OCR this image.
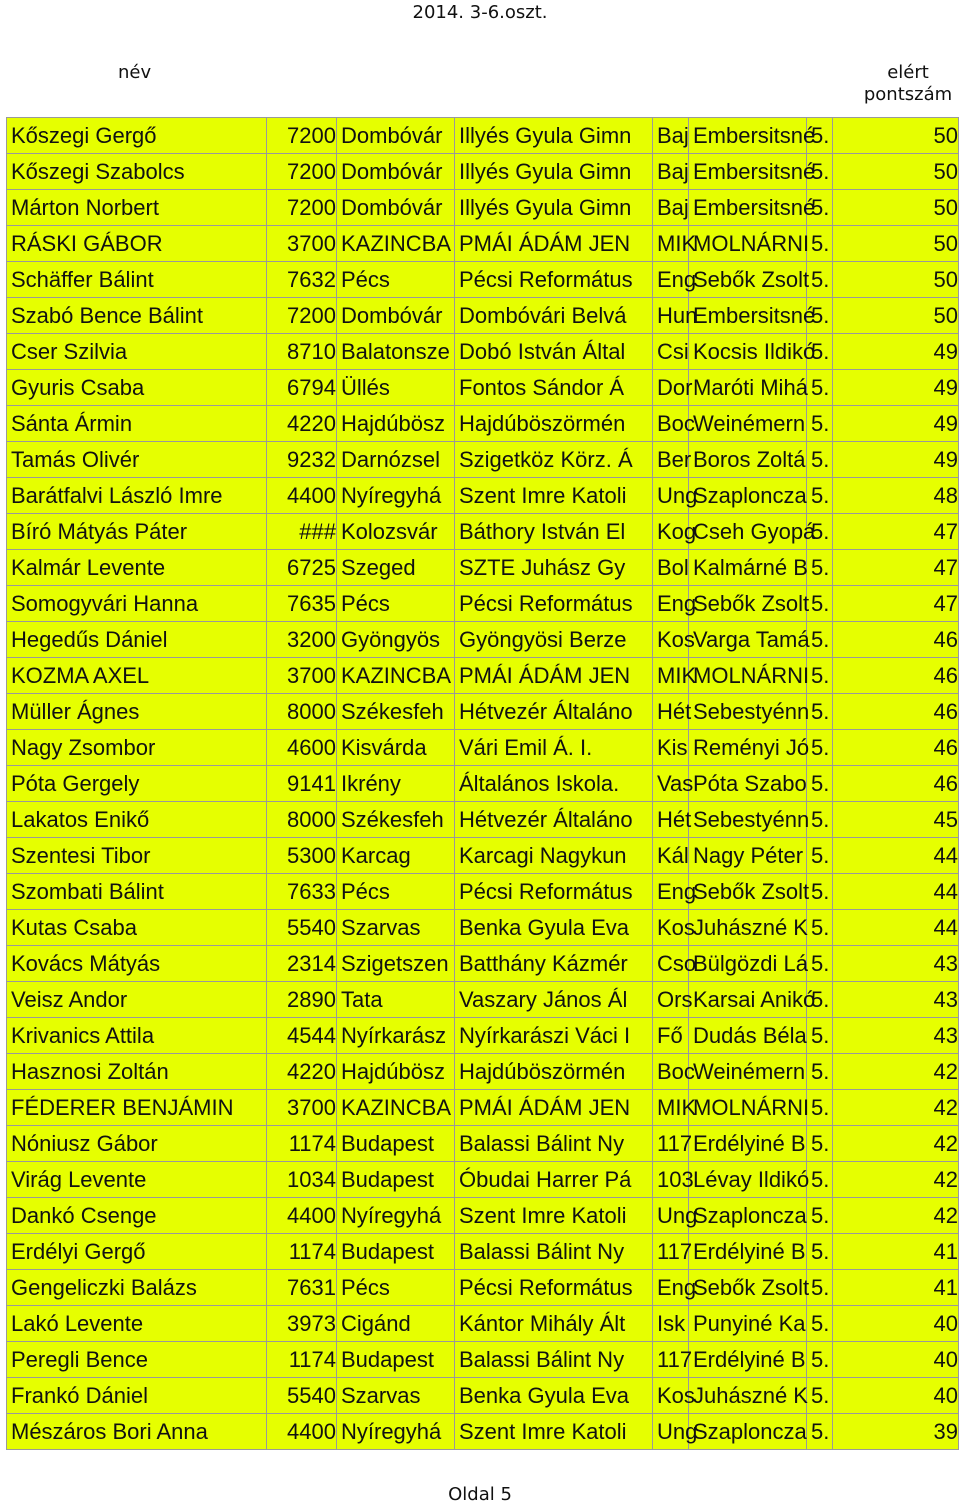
2014. 3-6.oszt.
név	elért
pontszám
Kőszegi Gergő	7200	Dombóvár	Illyés Gyula Gimn	Baj	Embersitsné	5.	50
Kőszegi Szabolcs	7200	Dombóvár	Illyés Gyula Gimn	Baj	Embersitsné	5.	50
Márton Norbert	7200	Dombóvár	Illyés Gyula Gimn	Baj	Embersitsné	5.	50
RÁSKI GÁBOR	3700	KAZINCBA	PMÁI ÁDÁM JEN	MIK	MOLNÁRNI	5.	50
Schäffer Bálint	7632	Pécs	Pécsi Református	Eng	Sebők Zsolt	5.	50
Szabó Bence Bálint	7200	Dombóvár	Dombóvári Belvá	Hun	Embersitsné	5.	50
Cser Szilvia	8710	Balatonsze	Dobó István Által	Csi	Kocsis Ildikó	5.	49
Gyuris Csaba	6794	Üllés	Fontos Sándor Á	Dor	Maróti Mihá	5.	49
Sánta Ármin	4220	Hajdúbösz	Hajdúböszörmén	Boc	Weinémern	5.	49
Tamás Olivér	9232	Darnózsel	Szigetköz Körz. Á	Ber	Boros Zoltá	5.	49
Barátfalvi László Imre	4400	Nyíregyhá	Szent Imre Katoli	Ung	Szaploncza	5.	48
Bíró Mátyás Páter	###	Kolozsvár	Báthory István El	Kog	Cseh Gyopá	5.	47
Kalmár Levente	6725	Szeged	SZTE Juhász Gy	Bol	Kalmárné B	5.	47
Somogyvári Hanna	7635	Pécs	Pécsi Református	Eng	Sebők Zsolt	5.	47
Hegedűs Dániel	3200	Gyöngyös	Gyöngyösi Berze	Kos	Varga Tamá	5.	46
KOZMA AXEL	3700	KAZINCBA	PMÁI ÁDÁM JEN	MIK	MOLNÁRNI	5.	46
Müller Ágnes	8000	Székesfeh	Hétvezér Általáno	Hét	Sebestyénn	5.	46
Nagy Zsombor	4600	Kisvárda	Vári Emil Á. I.	Kis	Reményi Jó	5.	46
Póta Gergely	9141	Ikrény	Általános Iskola.	Vas	Póta Szabo	5.	46
Lakatos Enikő	8000	Székesfeh	Hétvezér Általáno	Hét	Sebestyénn	5.	45
Szentesi Tibor	5300	Karcag	Karcagi Nagykun	Kál	Nagy Péter	5.	44
Szombati Bálint	7633	Pécs	Pécsi Református	Eng	Sebők Zsolt	5.	44
Kutas Csaba	5540	Szarvas	Benka Gyula Eva	Kos	Juhászné K	5.	44
Kovács Mátyás	2314	Szigetszen	Batthány Kázmér	Cso	Bülgözdi Lá	5.	43
Veisz Andor	2890	Tata	Vaszary János Ál	Ors	Karsai Anikó	5.	43
Krivanics Attila	4544	Nyírkarász	Nyírkarászi Váci I	Fő	Dudás Béla	5.	43
Hasznosi Zoltán	4220	Hajdúbösz	Hajdúböszörmén	Boc	Weinémern	5.	42
FÉDERER BENJÁMIN	3700	KAZINCBA	PMÁI ÁDÁM JEN	MIK	MOLNÁRNI	5.	42
Nóniusz Gábor	1174	Budapest	Balassi Bálint Ny	117	Erdélyiné B	5.	42
Virág Levente	1034	Budapest	Óbudai Harrer Pá	103	Lévay Ildikó	5.	42
Dankó Csenge	4400	Nyíregyhá	Szent Imre Katoli	Ung	Szaploncza	5.	42
Erdélyi Gergő	1174	Budapest	Balassi Bálint Ny	117	Erdélyiné B	5.	41
Gengeliczki Balázs	7631	Pécs	Pécsi Református	Eng	Sebők Zsolt	5.	41
Lakó Levente	3973	Cigánd	Kántor Mihály Ált	Isk	Punyiné Ka	5.	40
Peregli Bence	1174	Budapest	Balassi Bálint Ny	117	Erdélyiné B	5.	40
Frankó Dániel	5540	Szarvas	Benka Gyula Eva	Kos	Juhászné K	5.	40
Mészáros Bori Anna	4400	Nyíregyhá	Szent Imre Katoli	Ung	Szaploncza	5.	39
Oldal 5
